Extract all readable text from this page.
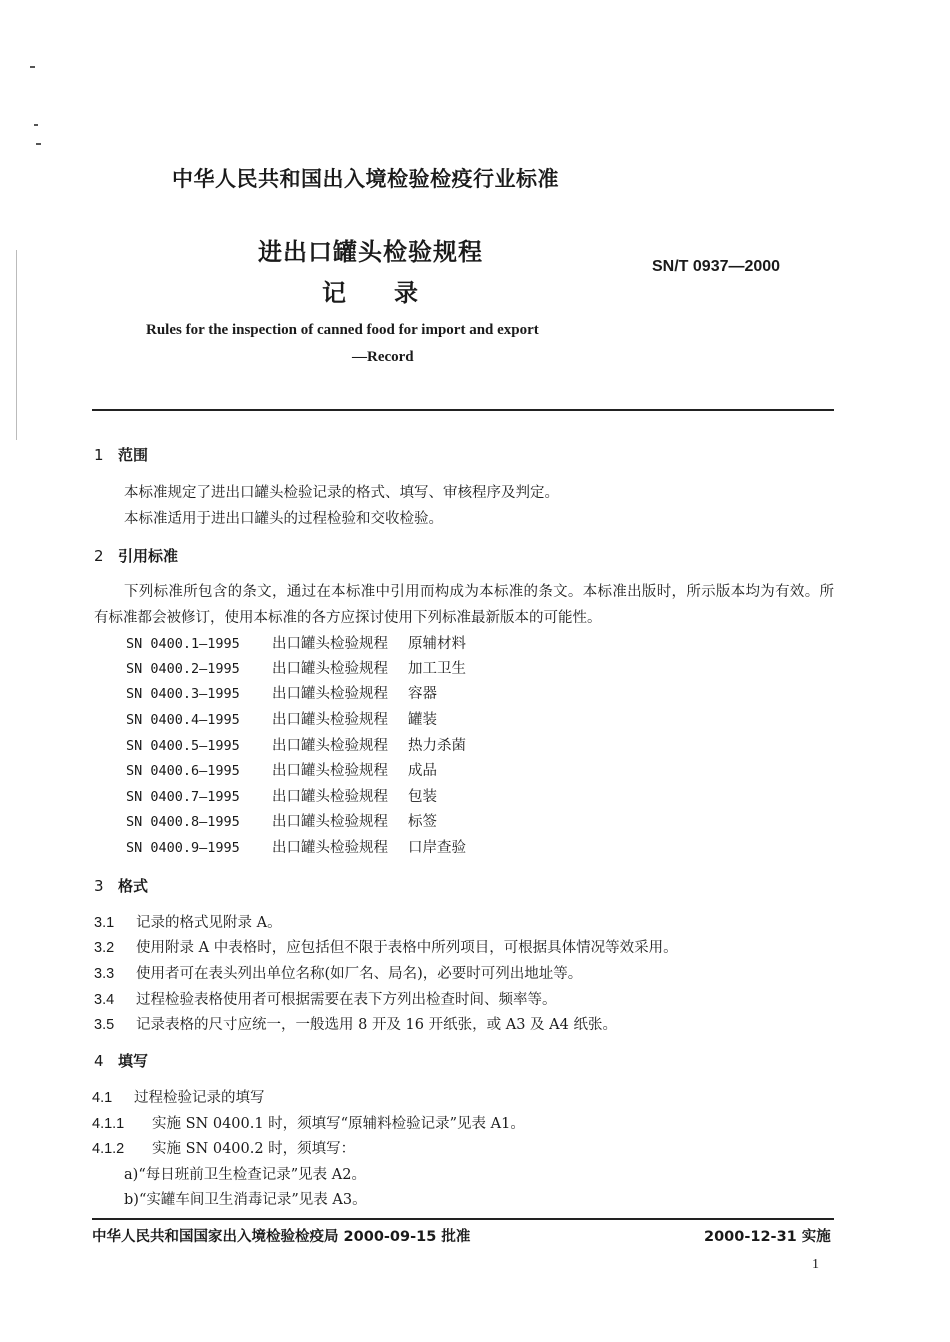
中华人民共和国出入境检验检疫行业标准
进出口罐头检验规程
记录
SN/T 0937—2000
Rules for the inspection of canned food for import and export
—Record
1 范围
本标准规定了进出口罐头检验记录的格式、填写、审核程序及判定。
本标准适用于进出口罐头的过程检验和交收检验。
2 引用标准
下列标准所包含的条文，通过在本标准中引用而构成为本标准的条文。本标准出版时，所示版本均为有效。所有标准都会被修订，使用本标准的各方应探讨使用下列标准最新版本的可能性。
SN 0400.1—1995 出口罐头检验规程 原辅材料
SN 0400.2—1995 出口罐头检验规程 加工卫生
SN 0400.3—1995 出口罐头检验规程 容器
SN 0400.4—1995 出口罐头检验规程 罐装
SN 0400.5—1995 出口罐头检验规程 热力杀菌
SN 0400.6—1995 出口罐头检验规程 成品
SN 0400.7—1995 出口罐头检验规程 包装
SN 0400.8—1995 出口罐头检验规程 标签
SN 0400.9—1995 出口罐头检验规程 口岸查验
3 格式
3.1 记录的格式见附录 A。
3.2 使用附录 A 中表格时，应包括但不限于表格中所列项目，可根据具体情况等效采用。
3.3 使用者可在表头列出单位名称(如厂名、局名)，必要时可列出地址等。
3.4 过程检验表格使用者可根据需要在表下方列出检查时间、频率等。
3.5 记录表格的尺寸应统一，一般选用 8 开及 16 开纸张，或 A3 及 A4 纸张。
4 填写
4.1 过程检验记录的填写
4.1.1 实施 SN 0400.1 时，须填写“原辅料检验记录”见表 A1。
4.1.2 实施 SN 0400.2 时，须填写：
a)“每日班前卫生检查记录”见表 A2。
b)“实罐车间卫生消毒记录”见表 A3。
中华人民共和国国家出入境检验检疫局 2000-09-15 批准	2000-12-31 实施
1
